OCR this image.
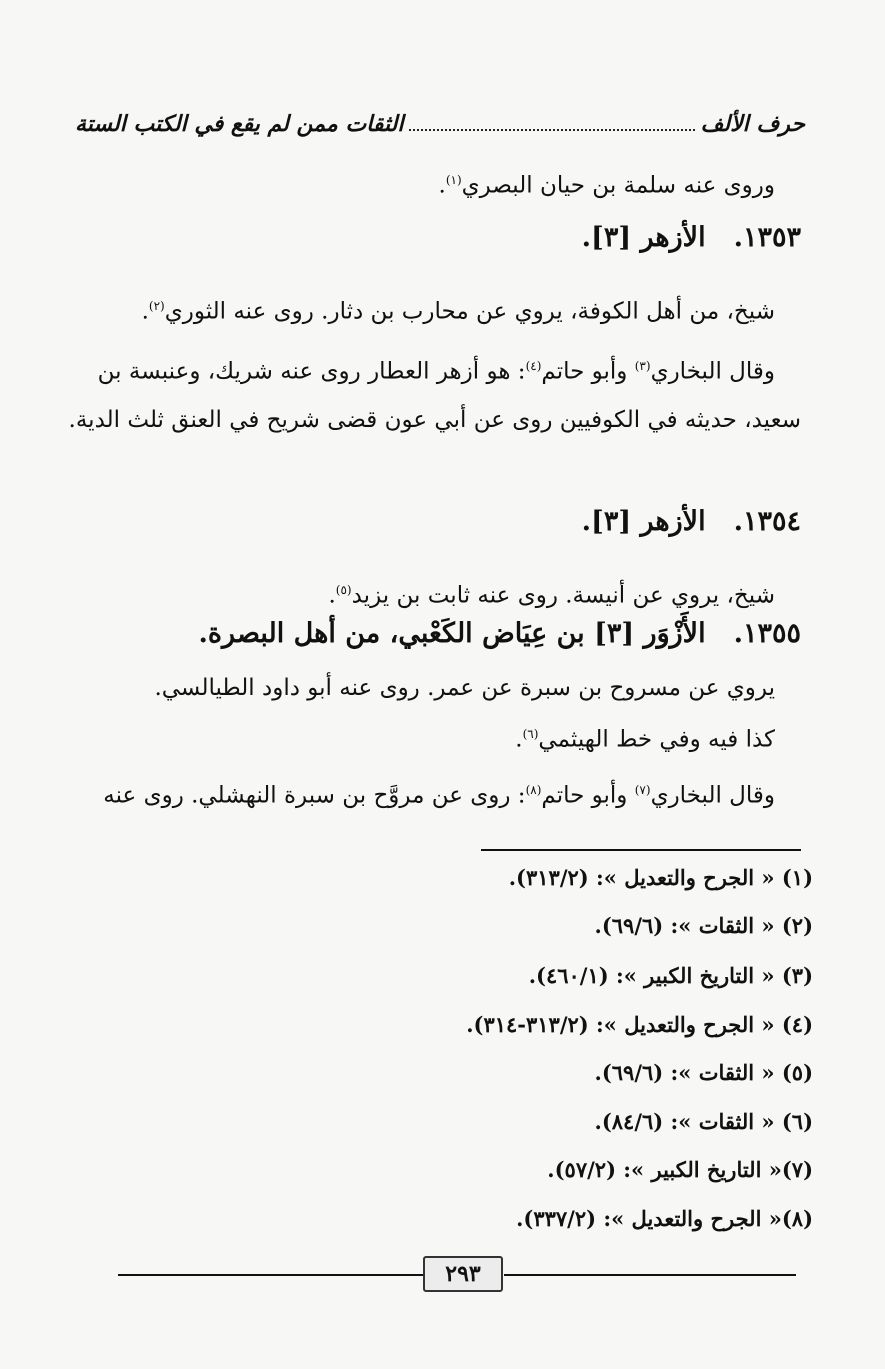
حرف الألف
الثقات ممن لم يقع في الكتب الستة
وروى عنه سلمة بن حيان البصري$^{(١)}$.
١٣٥٣.الأزهر [٣].
شيخ، من أهل الكوفة، يروي عن محارب بن دثار. روى عنه الثوري$^{(٢)}$.
وقال البخاري$^{(٣)}$ وأبو حاتم$^{(٤)}$: هو أزهر العطار روى عنه شريك، وعنبسة بن
سعيد، حديثه في الكوفيين روى عن أبي عون قضى شريح في العنق ثلث الدية.
١٣٥٤.الأزهر [٣].
شيخ، يروي عن أنيسة. روى عنه ثابت بن يزيد$^{(٥)}$.
١٣٥٥.الأَزْوَر [٣] بن عِيَاض الكَعْبي، من أهل البصرة.
يروي عن مسروح بن سبرة عن عمر. روى عنه أبو داود الطيالسي.
كذا فيه وفي خط الهيثمي$^{(٦)}$.
وقال البخاري$^{(٧)}$ وأبو حاتم$^{(٨)}$: روى عن مروَّح بن سبرة النهشلي. روى عنه
(١) « الجرح والتعديل »: (٣١٣/٢).
(٢) « الثقات »: (٦٩/٦).
(٣) « التاريخ الكبير »: (٤٦٠/١).
(٤) « الجرح والتعديل »: (٣١٣/٢-٣١٤).
(٥) « الثقات »: (٦٩/٦).
(٦) « الثقات »: (٨٤/٦).
(٧)« التاريخ الكبير »: (٥٧/٢).
(٨)« الجرح والتعديل »: (٣٣٧/٢).
٢٩٣
